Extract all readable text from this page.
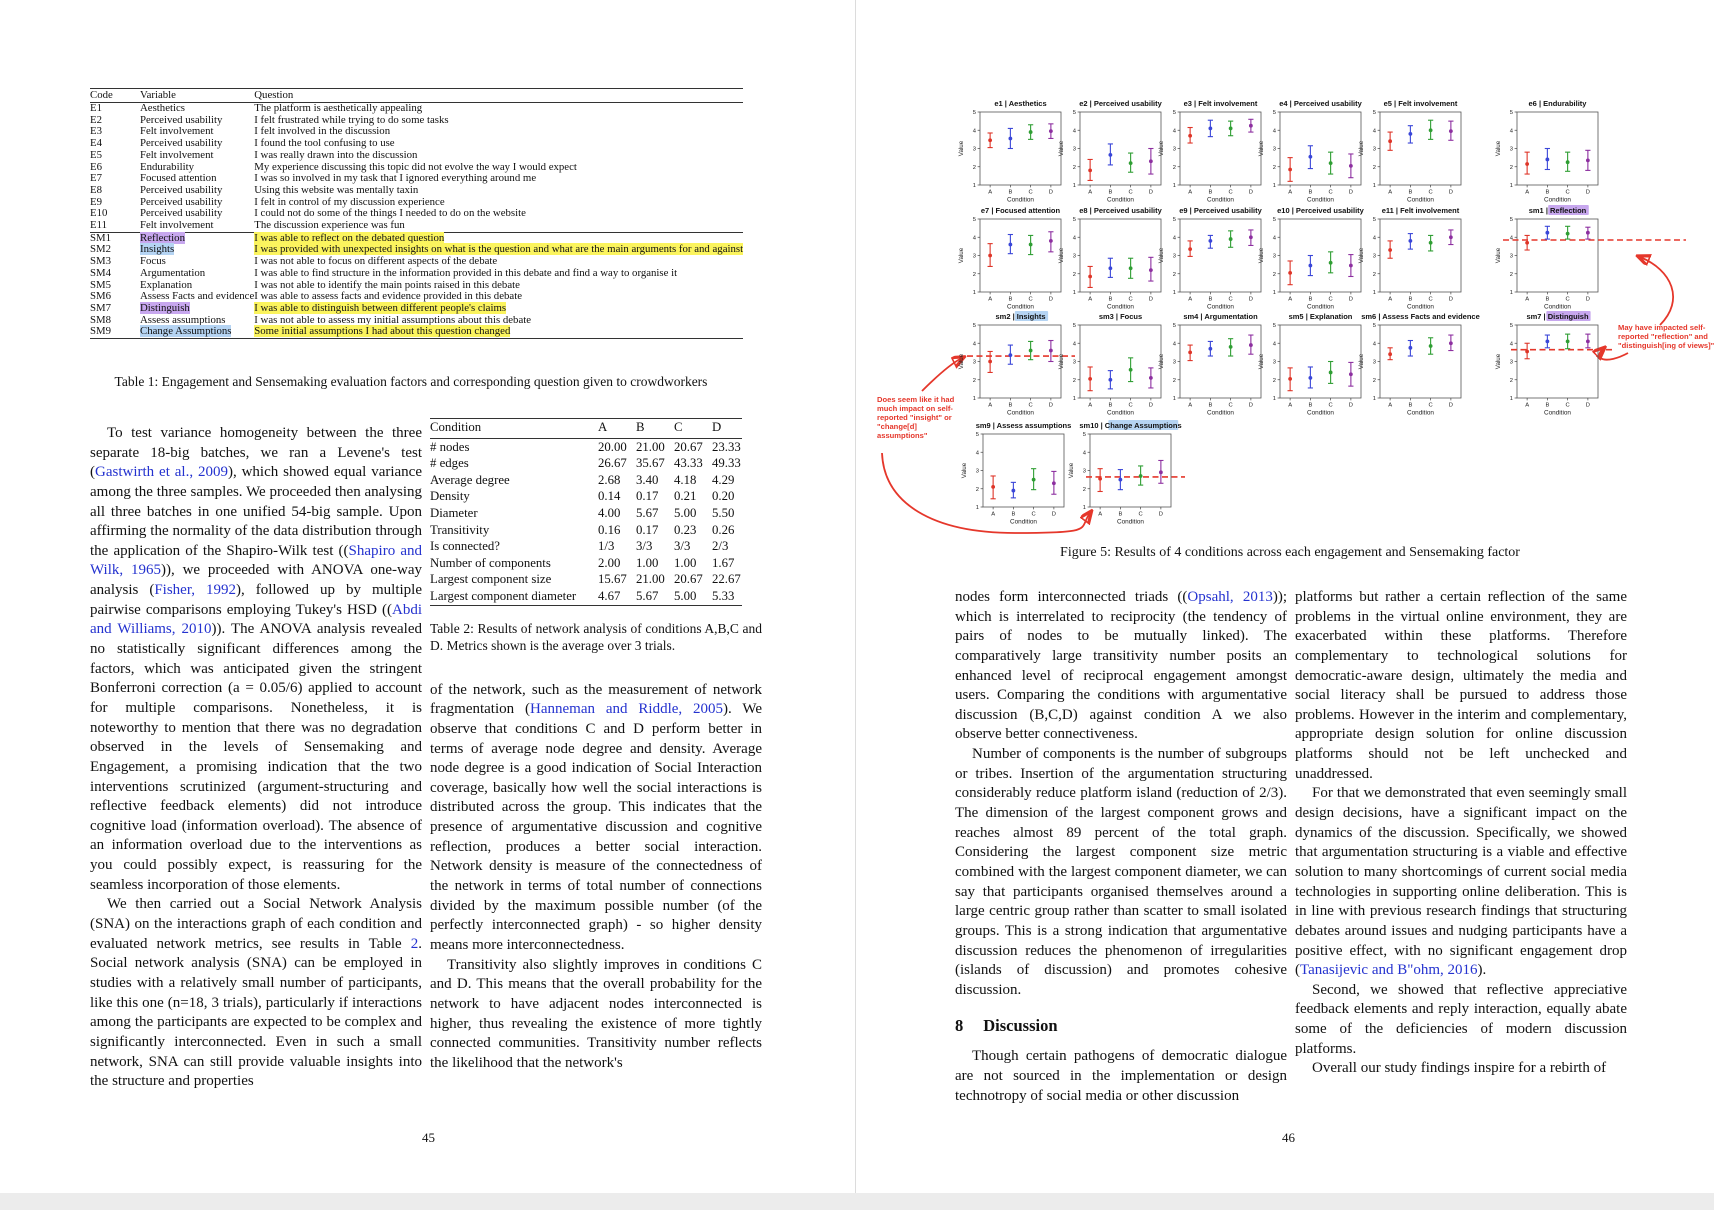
Code	Variable	Question
E1	Aesthetics	The platform is aesthetically appealing
E2	Perceived usability	I felt frustrated while trying to do some tasks
E3	Felt involvement	I felt involved in the discussion
E4	Perceived usability	I found the tool confusing to use
E5	Felt involvement	I was really drawn into the discussion
E6	Endurability	My experience discussing this topic did not evolve the way I would expect
E7	Focused attention	I was so involved in my task that I ignored everything around me
E8	Perceived usability	Using this website was mentally taxin
E9	Perceived usability	I felt in control of my discussion experience
E10	Perceived usability	I could not do some of the things I needed to do on the website
E11	Felt involvement	The discussion experience was fun
SM1	Reflection	I was able to reflect on the debated question
SM2	Insights	I was provided with unexpected insights on what is the question and what are the main arguments for and against
SM3	Focus	I was not able to focus on different aspects of the debate
SM4	Argumentation	I was able to find structure in the information provided in this debate and find a way to organise it
SM5	Explanation	I was not able to identify the main points raised in this debate
SM6	Assess Facts and evidence	I was able to assess facts and evidence provided in this debate
SM7	Distinguish	I was able to distinguish between different people's claims
SM8	Assess assumptions	I was not able to assess my initial assumptions about this debate
SM9	Change Assumptions	Some initial assumptions I had about this question changed
Table 1: Engagement and Sensemaking evaluation factors and corresponding question given to crowdworkers

To test variance homogeneity between the three separate 18-big batches, we ran a Levene's test (Gastwirth et al., 2009), which showed equal variance among the three samples. We proceeded then analysing all three batches in one unified 54-big sample. Upon affirming the normality of the data distribution through the application of the Shapiro-Wilk test ((Shapiro and Wilk, 1965)), we proceeded with ANOVA one-way analysis (Fisher, 1992), followed up by multiple pairwise comparisons employing Tukey's HSD ((Abdi and Williams, 2010)). The ANOVA analysis revealed no statistically significant differences among the factors, which was anticipated given the stringent Bonferroni correction (a = 0.05/6) applied to account for multiple comparisons. Nonetheless, it is noteworthy to mention that there was no degradation observed in the levels of Sensemaking and Engagement, a promising indication that the two interventions scrutinized (argument-structuring and reflective feedback elements) did not introduce cognitive load (information overload). The absence of an information overload due to the interventions as you could possibly expect, is reassuring for the seamless incorporation of those elements.

We then carried out a Social Network Analysis (SNA) on the interactions graph of each condition and evaluated network metrics, see results in Table 2. Social network analysis (SNA) can be employed in studies with a relatively small number of participants, like this one (n=18, 3 trials), particularly if interactions among the participants are expected to be complex and significantly interconnected. Even in such a small network, SNA can still provide valuable insights into the structure and properties

Condition	A	B	C	D
# nodes	20.00	21.00	20.67	23.33
# edges	26.67	35.67	43.33	49.33
Average degree	2.68	3.40	4.18	4.29
Density	0.14	0.17	0.21	0.20
Diameter	4.00	5.67	5.00	5.50
Transitivity	0.16	0.17	0.23	0.26
Is connected?	1/3	3/3	3/3	2/3
Number of components	2.00	1.00	1.00	1.67
Largest component size	15.67	21.00	20.67	22.67
Largest component diameter	4.67	5.67	5.00	5.33
Table 2: Results of network analysis of conditions A,B,C and D. Metrics shown is the average over 3 trials.

of the network, such as the measurement of network fragmentation (Hanneman and Riddle, 2005). We observe that conditions C and D perform better in terms of average node degree and density. Average node degree is a good indication of Social Interaction coverage, basically how well the social interactions is distributed across the group. This indicates that the presence of argumentative discussion and cognitive reflection, produces a better social interaction. Network density is measure of the connectedness of the network in terms of total number of connections divided by the maximum possible number (of the perfectly interconnected graph) - so higher density means more interconnectedness.

Transitivity also slightly improves in conditions C and D. This means that the overall probability for the network to have adjacent nodes interconnected is higher, thus revealing the existence of more tightly connected communities. Transitivity number reflects the likelihood that the network's

45
May have impacted self-reported "reflection" and "distinguish[ing of views]"
Does seem like it had much impact on self-reported "insight" or "change[d] assumptions"
e1 | Aesthetics
1
2
3
4
5
A	B	C	D
Value
Condition
e2 | Perceived usability
1
2
3
4
5
A	B	C	D
Value
Condition
e3 | Felt involvement
1
2
3
4
5
A	B	C	D
Value
Condition
e4 | Perceived usability
1
2
3
4
5
A	B	C	D
Value
Condition
e5 | Felt involvement
1
2
3
4
5
A	B	C	D
Value
Condition
e6 | Endurability
1
2
3
4
5
A	B	C	D
Value
Condition
e7 | Focused attention
1
2
3
4
5
A	B	C	D
Value
Condition
e8 | Perceived usability
1
2
3
4
5
A	B	C	D
Value
Condition
e9 | Perceived usability
1
2
3
4
5
A	B	C	D
Value
Condition
e10 | Perceived usability
1
2
3
4
5
A	B	C	D
Value
Condition
e11 | Felt involvement
1
2
3
4
5
A	B	C	D
Value
Condition
sm1 | Reflection
1
2
3
4
5
A	B	C	D
Value
Condition
sm2 | Insights
1
2
3
4
5
A	B	C	D
Value
Condition
sm3 | Focus
1
2
3
4
5
A	B	C	D
Value
Condition
sm4 | Argumentation
1
2
3
4
5
A	B	C	D
Value
Condition
sm5 | Explanation
1
2
3
4
5
A	B	C	D
Value
Condition
sm6 | Assess Facts and evidence
1
2
3
4
5
A	B	C	D
Value
Condition
sm7 | Distinguish
1
2
3
4
5
A	B	C	D
Value
Condition
sm9 | Assess assumptions
1
2
3
4
5
A	B	C	D
Value
Condition
sm10 | Change Assumptions
1
2
3
4
5
A	B	C	D
Value
Condition
Figure 5: Results of 4 conditions across each engagement and Sensemaking factor

nodes form interconnected triads ((Opsahl, 2013)); which is interrelated to reciprocity (the tendency of pairs of nodes to be mutually linked). The comparatively large transitivity number posits an enhanced level of reciprocal engagement amongst users. Comparing the conditions with argumentative discussion (B,C,D) against condition A we also observe better connectiveness.

Number of components is the number of subgroups or tribes. Insertion of the argumentation structuring considerably reduce platform island (reduction of 2/3). The dimension of the largest component grows and reaches almost 89 percent of the total graph. Considering the largest component size metric combined with the largest component diameter, we can say that participants organised themselves around a large centric group rather than scatter to small isolated groups. This is a strong indication that argumentative discussion reduces the phenomenon of irregularities (islands of discussion) and promotes cohesive discussion.

8 Discussion

Though certain pathogens of democratic dialogue are not sourced in the implementation or design technotropy of social media or other discussion

platforms but rather a certain reflection of the same problems in the virtual online environment, they are exacerbated within these platforms. Therefore complementary to technological solutions for democratic-aware design, ultimately the media and social literacy shall be pursued to address those problems. However in the interim and complementary, appropriate design solution for online discussion platforms should not be left unchecked and unaddressed.

For that we demonstrated that even seemingly small design decisions, have a significant impact on the dynamics of the discussion. Specifically, we showed that argumentation structuring is a viable and effective solution to many shortcomings of current social media technologies in supporting online deliberation. This is in line with previous research findings that structuring debates around issues and nudging participants have a positive effect, with no significant engagement drop (Tanasijevic and B"ohm, 2016).

Second, we showed that reflective appreciative feedback elements and reply interaction, equally abate some of the deficiencies of modern discussion platforms.

Overall our study findings inspire for a rebirth of

46
